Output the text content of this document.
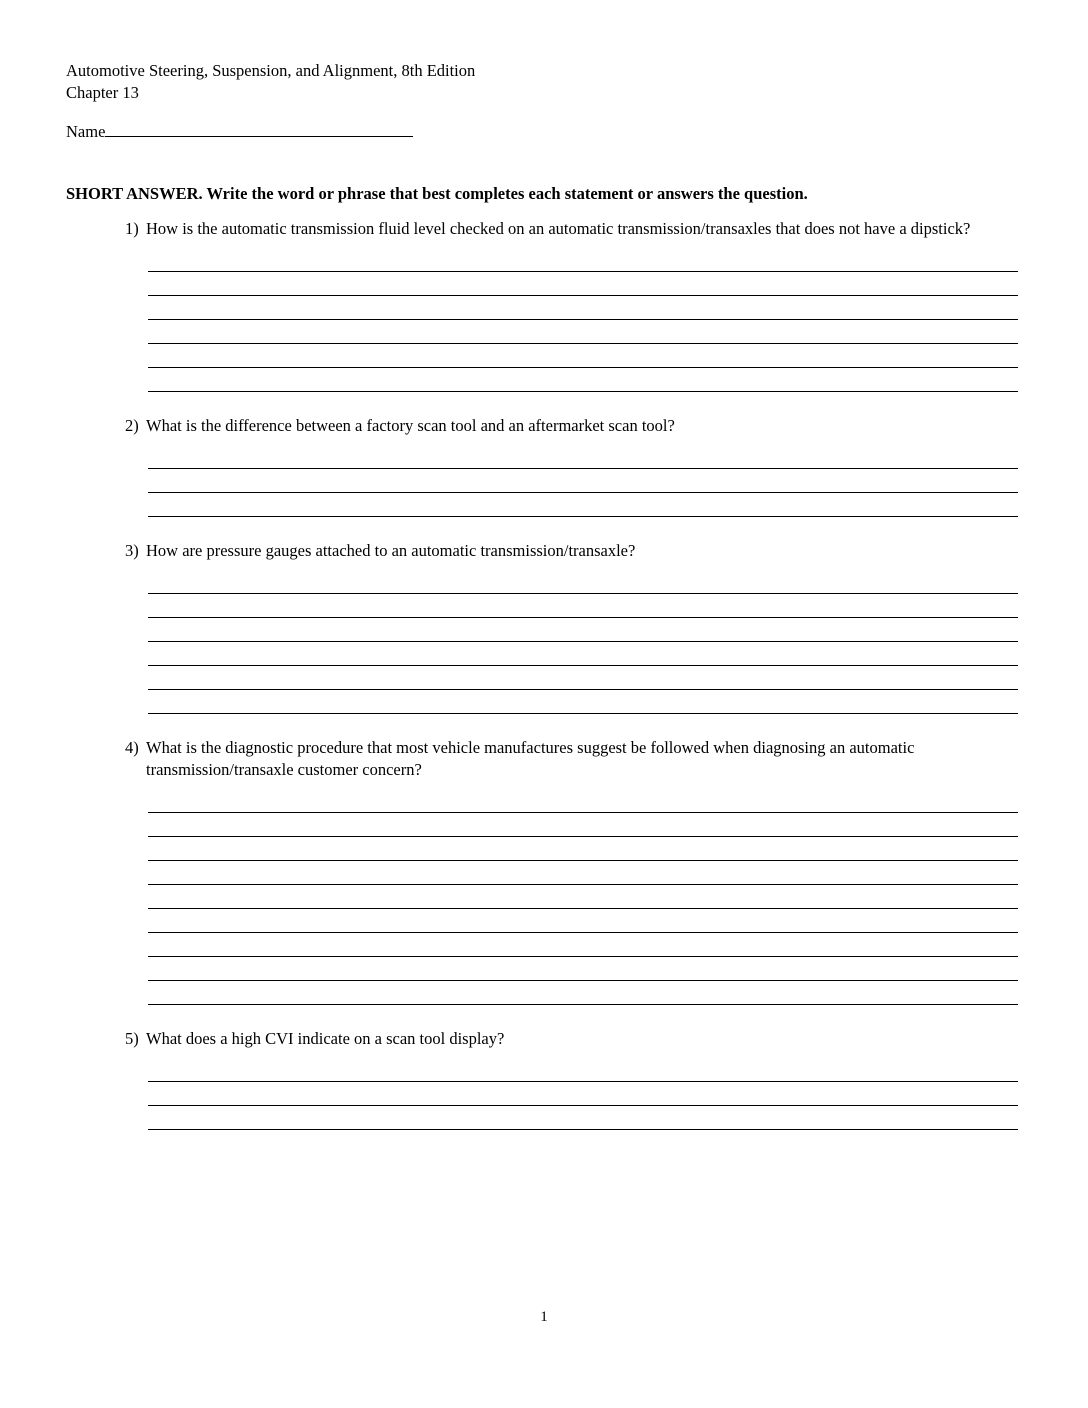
Automotive Steering, Suspension, and Alignment, 8th Edition
Chapter 13
Name
SHORT ANSWER. Write the word or phrase that best completes each statement or answers the question.
1) How is the automatic transmission fluid level checked on an automatic transmission/transaxles that does not have a dipstick?
2) What is the difference between a factory scan tool and an aftermarket scan tool?
3) How are pressure gauges attached to an automatic transmission/transaxle?
4) What is the diagnostic procedure that most vehicle manufactures suggest be followed when diagnosing an automatic transmission/transaxle customer concern?
5) What does a high CVI indicate on a scan tool display?
1
